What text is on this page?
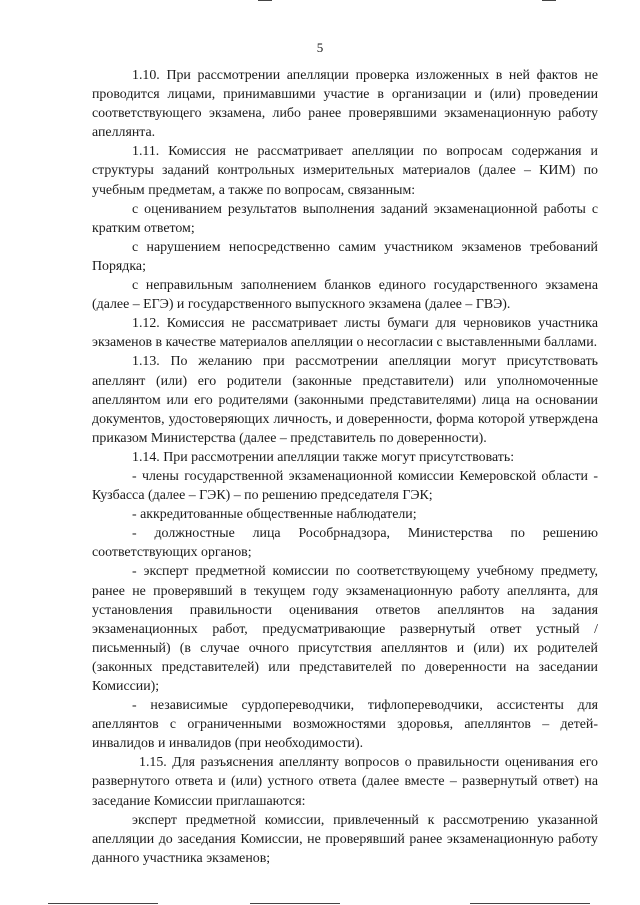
5

1.10. При рассмотрении апелляции проверка изложенных в ней фактов не проводится лицами, принимавшими участие в организации и (или) проведении соответствующего экзамена, либо ранее проверявшими экзаменационную работу апеллянта.

1.11. Комиссия не рассматривает апелляции по вопросам содержания и структуры заданий контрольных измерительных материалов (далее – КИМ) по учебным предметам, а также по вопросам, связанным:

с оцениванием результатов выполнения заданий экзаменационной работы с кратким ответом;

с нарушением непосредственно самим участником экзаменов требований Порядка;

с неправильным заполнением бланков единого государственного экзамена (далее – ЕГЭ) и государственного выпускного экзамена (далее – ГВЭ).

1.12. Комиссия не рассматривает листы бумаги для черновиков участника экзаменов в качестве материалов апелляции о несогласии с выставленными баллами.

1.13. По желанию при рассмотрении апелляции могут присутствовать апеллянт (или) его родители (законные представители) или уполномоченные апеллянтом или его родителями (законными представителями) лица на основании документов, удостоверяющих личность, и доверенности, форма которой утверждена приказом Министерства (далее – представитель по доверенности).

1.14. При рассмотрении апелляции также могут присутствовать:

- члены государственной экзаменационной комиссии Кемеровской области - Кузбасса (далее – ГЭК) – по решению председателя ГЭК;

- аккредитованные общественные наблюдатели;

- должностные лица Рособрнадзора, Министерства по решению соответствующих органов;

- эксперт предметной комиссии по соответствующему учебному предмету, ранее не проверявший в текущем году экзаменационную работу апеллянта, для установления правильности оценивания ответов апеллянтов на задания экзаменационных работ, предусматривающие развернутый ответ устный / письменный) (в случае очного присутствия апеллянтов и (или) их родителей (законных представителей) или представителей по доверенности на заседании Комиссии);

- независимые сурдопереводчики, тифлопереводчики, ассистенты для апеллянтов с ограниченными возможностями здоровья, апеллянтов – детей-инвалидов и инвалидов (при необходимости).

1.15. Для разъяснения апеллянту вопросов о правильности оценивания его развернутого ответа и (или) устного ответа (далее вместе – развернутый ответ) на заседание Комиссии приглашаются:

эксперт предметной комиссии, привлеченный к рассмотрению указанной апелляции до заседания Комиссии, не проверявший ранее экзаменационную работу данного участника экзаменов;
